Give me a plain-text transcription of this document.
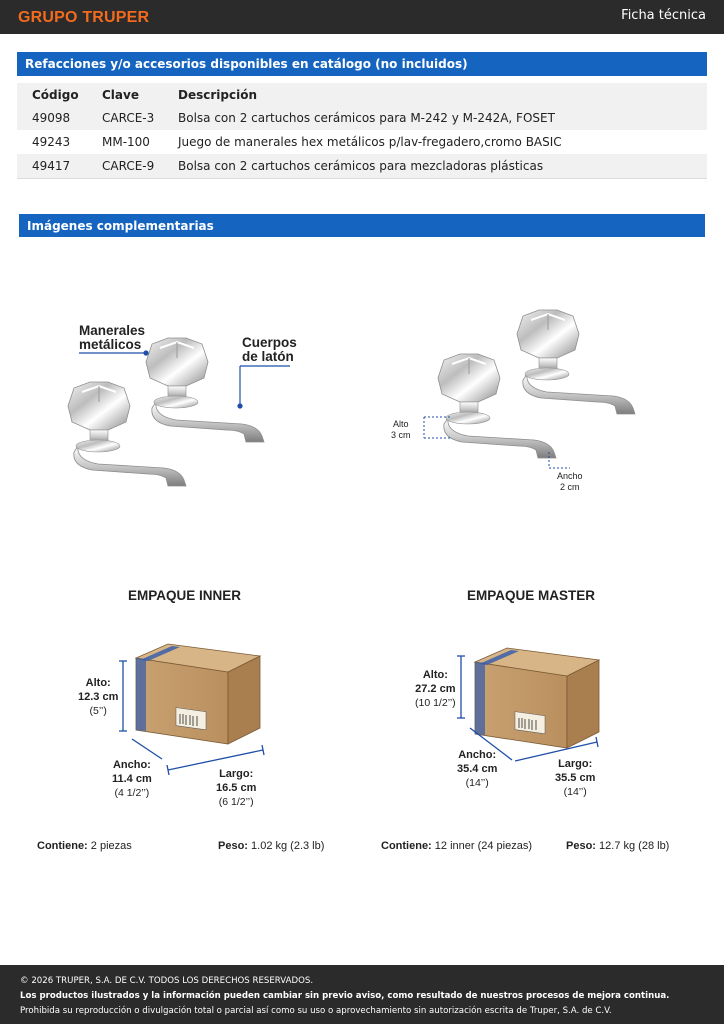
GRUPO TRUPER	Ficha técnica
Refacciones y/o accesorios disponibles en catálogo (no incluidos)
Código	Clave	Descripción
49098	CARCE-3	Bolsa con 2 cartuchos cerámicos para M-242 y M-242A, FOSET
49243	MM-100	Juego de manerales hex metálicos p/lav-fregadero,cromo BASIC
49417	CARCE-9	Bolsa con 2 cartuchos cerámicos para mezcladoras plásticas
Imágenes complementarias
Manerales
metálicos	Cuerpos
de latón
Alto
3 cm
Ancho
2 cm
EMPAQUE INNER	EMPAQUE MASTER
Alto:
12.3 cm
(5’’)
Ancho:
11.4 cm
(4 1/2’’)
Largo:
16.5 cm
(6 1/2’’)
Alto:
27.2 cm
(10 1/2’’)
Ancho:
35.4 cm
(14’’)
Largo:
35.5 cm
(14’’)
Contiene: 2 piezas	Peso: 1.02 kg (2.3 lb)	Contiene: 12 inner (24 piezas)	Peso: 12.7 kg (28 lb)
© 2026 TRUPER, S.A. DE C.V. TODOS LOS DERECHOS RESERVADOS.
Los productos ilustrados y la información pueden cambiar sin previo aviso, como resultado de nuestros procesos de mejora continua.
Prohibida su reproducción o divulgación total o parcial así como su uso o aprovechamiento sin autorización escrita de Truper, S.A. de C.V.
